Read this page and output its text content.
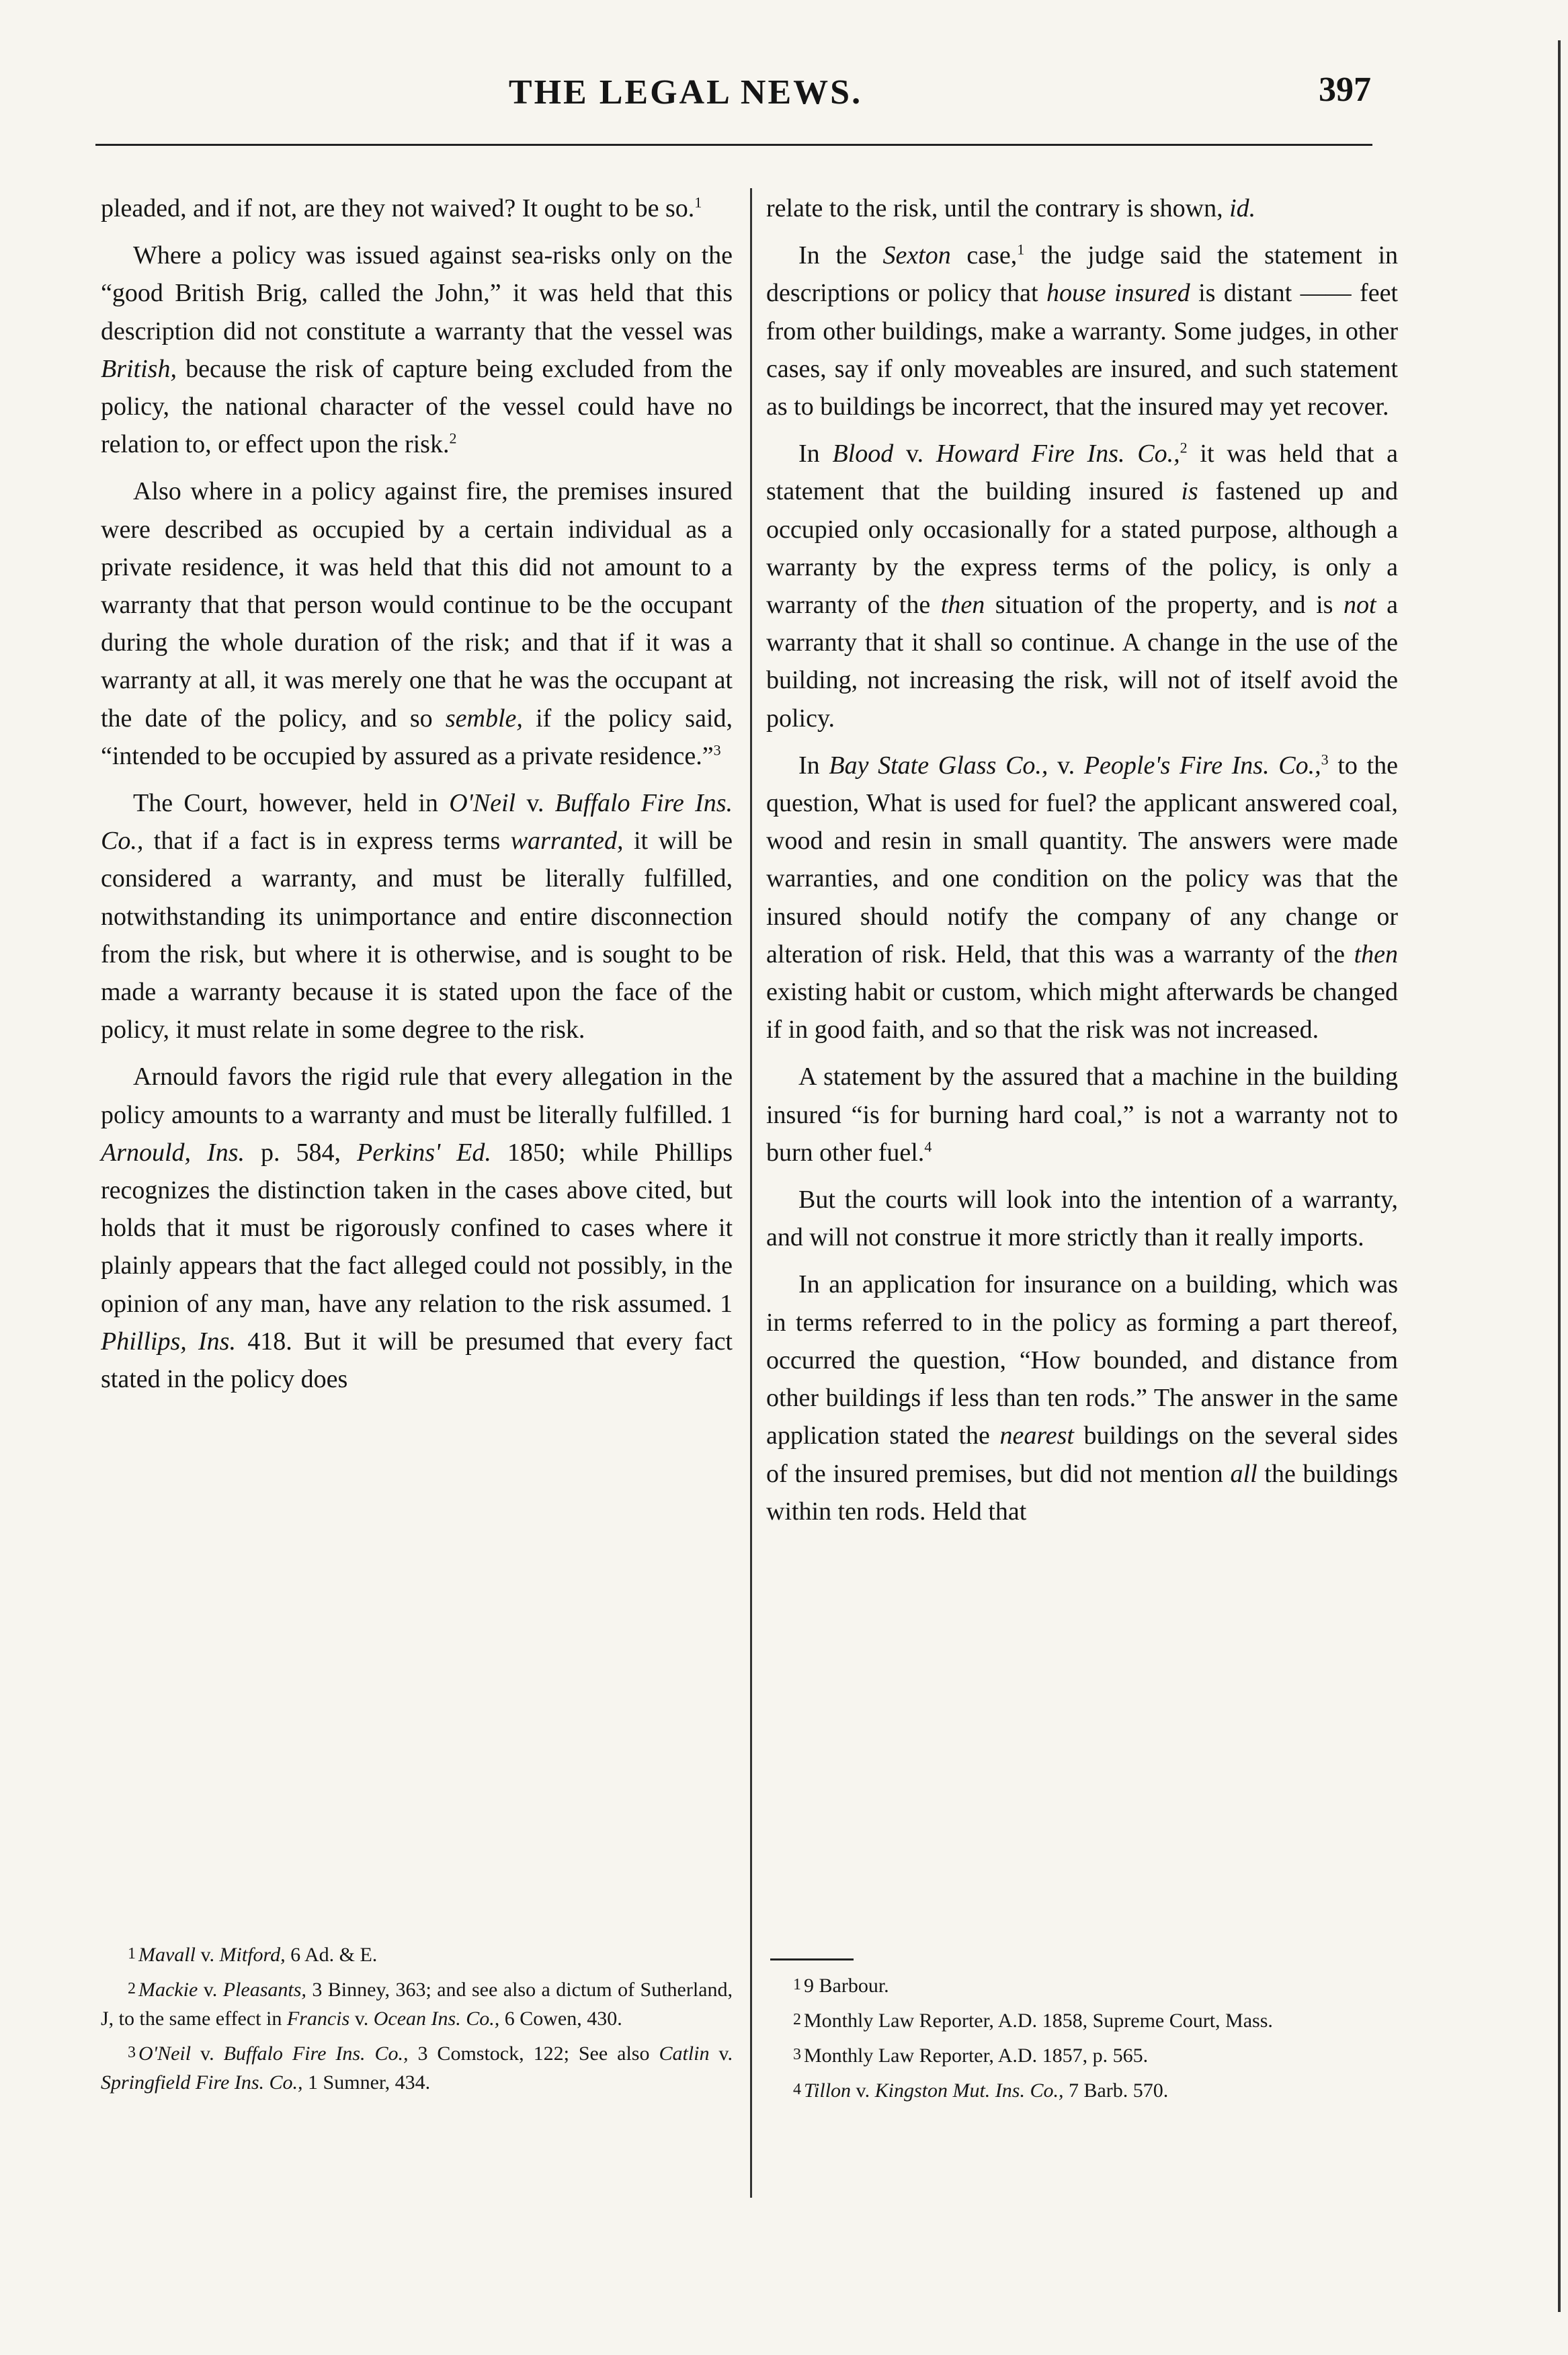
THE LEGAL NEWS.	397

pleaded, and if not, are they not waived? It ought to be so.$^1$

Where a policy was issued against sea-risks only on the “good British Brig, called the John,” it was held that this description did not constitute a warranty that the vessel was British, because the risk of capture being excluded from the policy, the national character of the vessel could have no relation to, or effect upon the risk.$^2$

Also where in a policy against fire, the premises insured were described as occupied by a certain individual as a private residence, it was held that this did not amount to a warranty that that person would continue to be the occupant during the whole duration of the risk; and that if it was a warranty at all, it was merely one that he was the occupant at the date of the policy, and so semble, if the policy said, “intended to be occupied by assured as a private residence.”$^3$

The Court, however, held in O'Neil v. Buffalo Fire Ins. Co., that if a fact is in express terms warranted, it will be considered a warranty, and must be literally fulfilled, notwithstanding its unimportance and entire disconnection from the risk, but where it is otherwise, and is sought to be made a warranty because it is stated upon the face of the policy, it must relate in some degree to the risk.

Arnould favors the rigid rule that every allegation in the policy amounts to a warranty and must be literally fulfilled. 1 Arnould, Ins. p. 584, Perkins' Ed. 1850; while Phillips recognizes the distinction taken in the cases above cited, but holds that it must be rigorously confined to cases where it plainly appears that the fact alleged could not possibly, in the opinion of any man, have any relation to the risk assumed. 1 Phillips, Ins. 418. But it will be presumed that every fact stated in the policy does

relate to the risk, until the contrary is shown, id.

In the Sexton case,$^1$ the judge said the statement in descriptions or policy that house insured is distant —— feet from other buildings, make a warranty. Some judges, in other cases, say if only moveables are insured, and such statement as to buildings be incorrect, that the insured may yet recover.

In Blood v. Howard Fire Ins. Co.,$^2$ it was held that a statement that the building insured is fastened up and occupied only occasionally for a stated purpose, although a warranty by the express terms of the policy, is only a warranty of the then situation of the property, and is not a warranty that it shall so continue. A change in the use of the building, not increasing the risk, will not of itself avoid the policy.

In Bay State Glass Co., v. People's Fire Ins. Co.,$^3$ to the question, What is used for fuel? the applicant answered coal, wood and resin in small quantity. The answers were made warranties, and one condition on the policy was that the insured should notify the company of any change or alteration of risk. Held, that this was a warranty of the then existing habit or custom, which might afterwards be changed if in good faith, and so that the risk was not increased.

A statement by the assured that a machine in the building insured “is for burning hard coal,” is not a warranty not to burn other fuel.$^4$

But the courts will look into the intention of a warranty, and will not construe it more strictly than it really imports.

In an application for insurance on a building, which was in terms referred to in the policy as forming a part thereof, occurred the question, “How bounded, and distance from other buildings if less than ten rods.” The answer in the same application stated the nearest buildings on the several sides of the insured premises, but did not mention all the buildings within ten rods. Held that

1 Mavall v. Mitford, 6 Ad. & E.

2 Mackie v. Pleasants, 3 Binney, 363; and see also a dictum of Sutherland, J, to the same effect in Francis v. Ocean Ins. Co., 6 Cowen, 430.

3 O'Neil v. Buffalo Fire Ins. Co., 3 Comstock, 122; See also Catlin v. Springfield Fire Ins. Co., 1 Sumner, 434.

1 9 Barbour.

2 Monthly Law Reporter, A.D. 1858, Supreme Court, Mass.

3 Monthly Law Reporter, A.D. 1857, p. 565.

4 Tillon v. Kingston Mut. Ins. Co., 7 Barb. 570.
